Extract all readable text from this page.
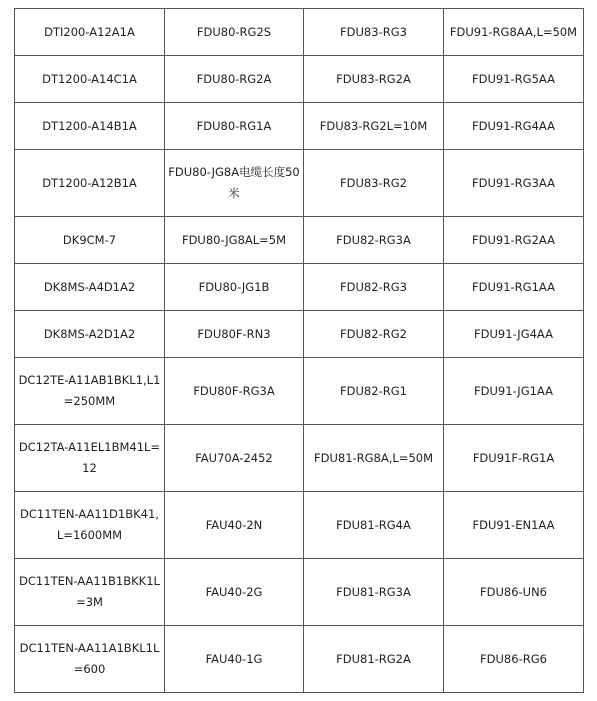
DTI200-A12A1A	FDU80-RG2S	FDU83-RG3	FDU91-RG8AA,L=50M
DT1200-A14C1A	FDU80-RG2A	FDU83-RG2A	FDU91-RG5AA
DT1200-A14B1A	FDU80-RG1A	FDU83-RG2L=10M	FDU91-RG4AA
DT1200-A12B1A	FDU80-JG8A电缆长度50米	FDU83-RG2	FDU91-RG3AA
DK9CM-7	FDU80-JG8AL=5M	FDU82-RG3A	FDU91-RG2AA
DK8MS-A4D1A2	FDU80-JG1B	FDU82-RG3	FDU91-RG1AA
DK8MS-A2D1A2	FDU80F-RN3	FDU82-RG2	FDU91-JG4AA
DC12TE-A11AB1BKL1,L1=250MM	FDU80F-RG3A	FDU82-RG1	FDU91-JG1AA
DC12TA-A11EL1BM41L=12	FAU70A-2452	FDU81-RG8A,L=50M	FDU91F-RG1A
DC11TEN-AA11D1BK41,L=1600MM	FAU40-2N	FDU81-RG4A	FDU91-EN1AA
DC11TEN-AA11B1BKK1L=3M	FAU40-2G	FDU81-RG3A	FDU86-UN6
DC11TEN-AA11A1BKL1L=600	FAU40-1G	FDU81-RG2A	FDU86-RG6
